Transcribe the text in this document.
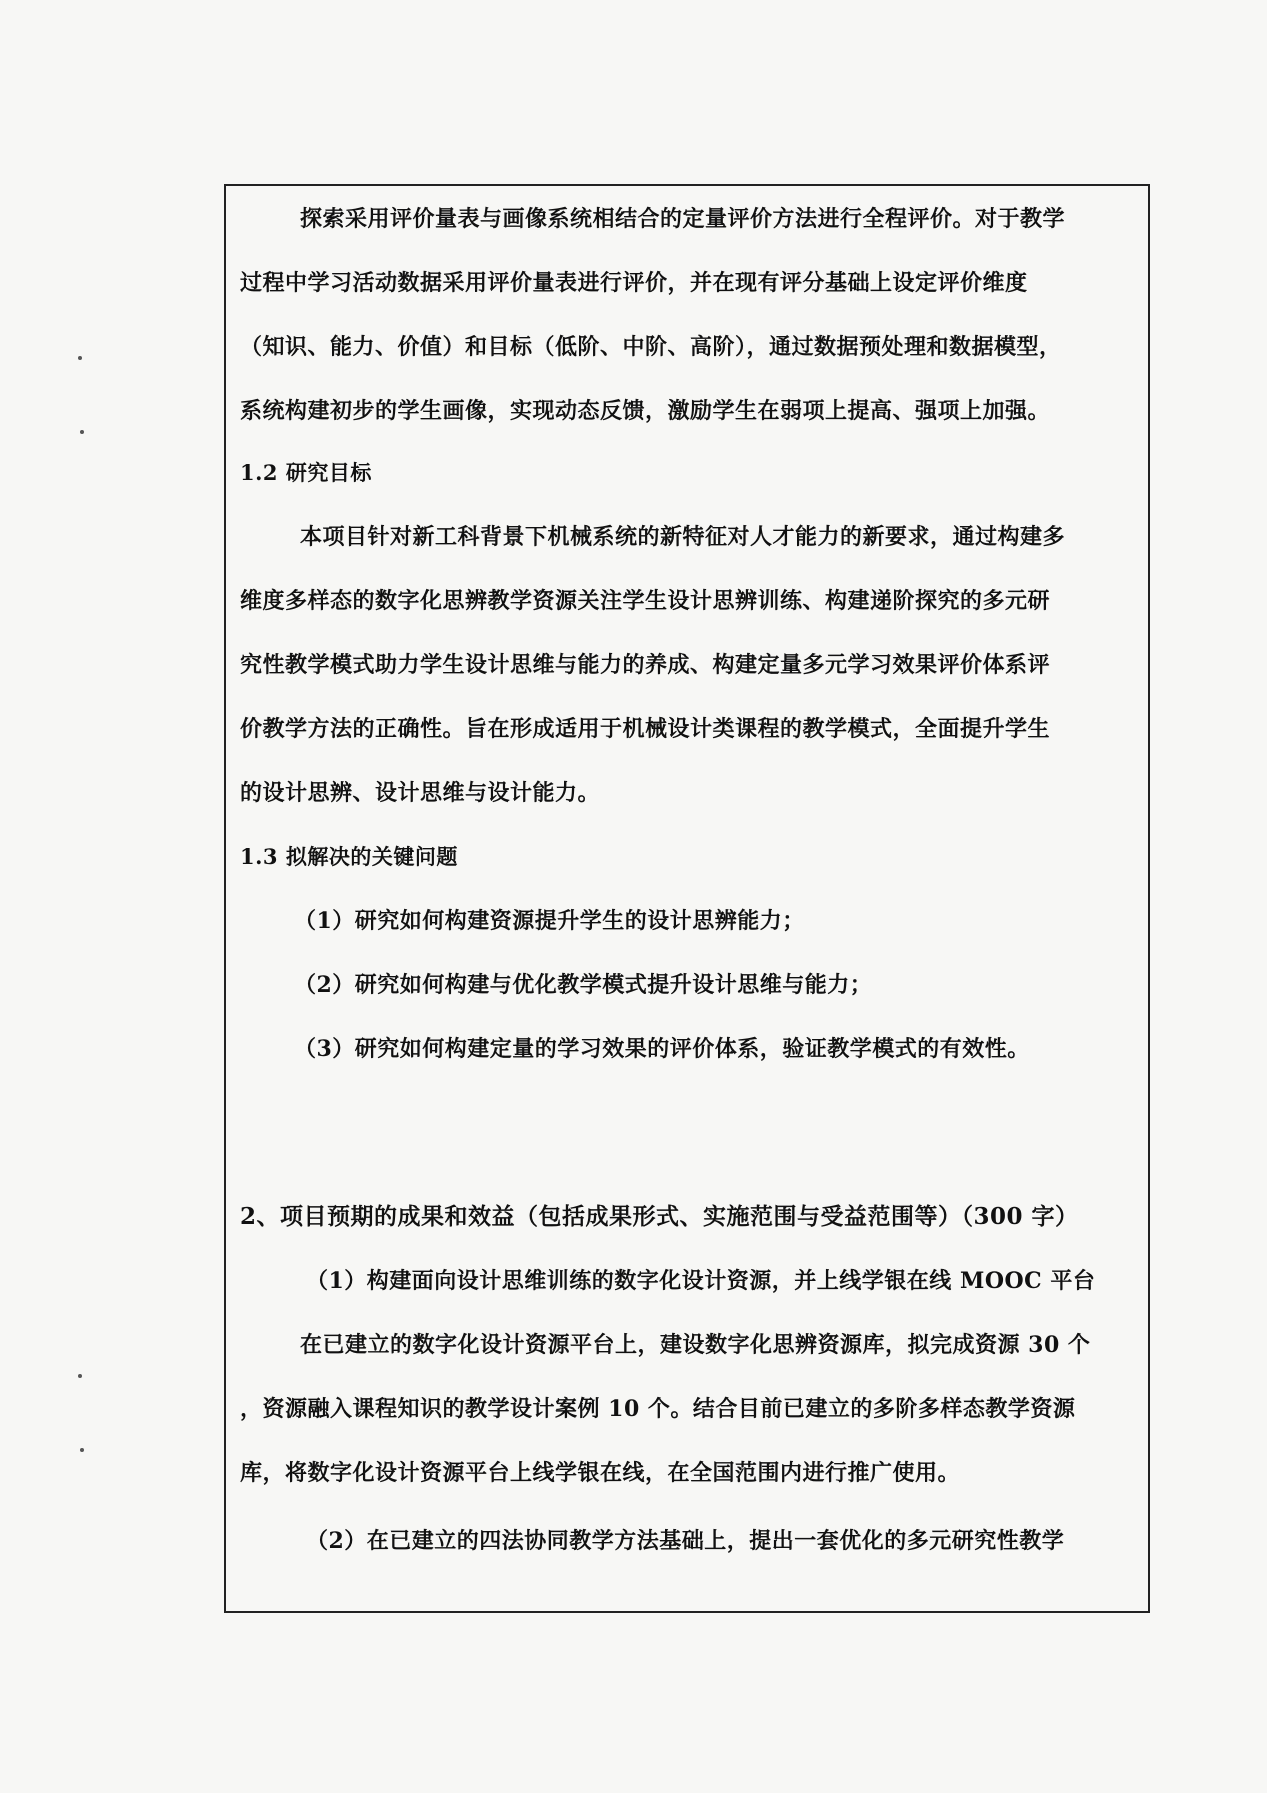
探索采用评价量表与画像系统相结合的定量评价方法进行全程评价。对于教学
过程中学习活动数据采用评价量表进行评价，并在现有评分基础上设定评价维度
（知识、能力、价值）和目标（低阶、中阶、高阶），通过数据预处理和数据模型，
系统构建初步的学生画像，实现动态反馈，激励学生在弱项上提高、强项上加强。
1.2 研究目标
本项目针对新工科背景下机械系统的新特征对人才能力的新要求，通过构建多
维度多样态的数字化思辨教学资源关注学生设计思辨训练、构建递阶探究的多元研
究性教学模式助力学生设计思维与能力的养成、构建定量多元学习效果评价体系评
价教学方法的正确性。旨在形成适用于机械设计类课程的教学模式，全面提升学生
的设计思辨、设计思维与设计能力。
1.3 拟解决的关键问题
（1）研究如何构建资源提升学生的设计思辨能力；
（2）研究如何构建与优化教学模式提升设计思维与能力；
（3）研究如何构建定量的学习效果的评价体系，验证教学模式的有效性。
2、项目预期的成果和效益（包括成果形式、实施范围与受益范围等）（300 字）
（1）构建面向设计思维训练的数字化设计资源，并上线学银在线 MOOC 平台
在已建立的数字化设计资源平台上，建设数字化思辨资源库，拟完成资源 30 个
，资源融入课程知识的教学设计案例 10 个。结合目前已建立的多阶多样态教学资源
库，将数字化设计资源平台上线学银在线，在全国范围内进行推广使用。
（2）在已建立的四法协同教学方法基础上，提出一套优化的多元研究性教学
